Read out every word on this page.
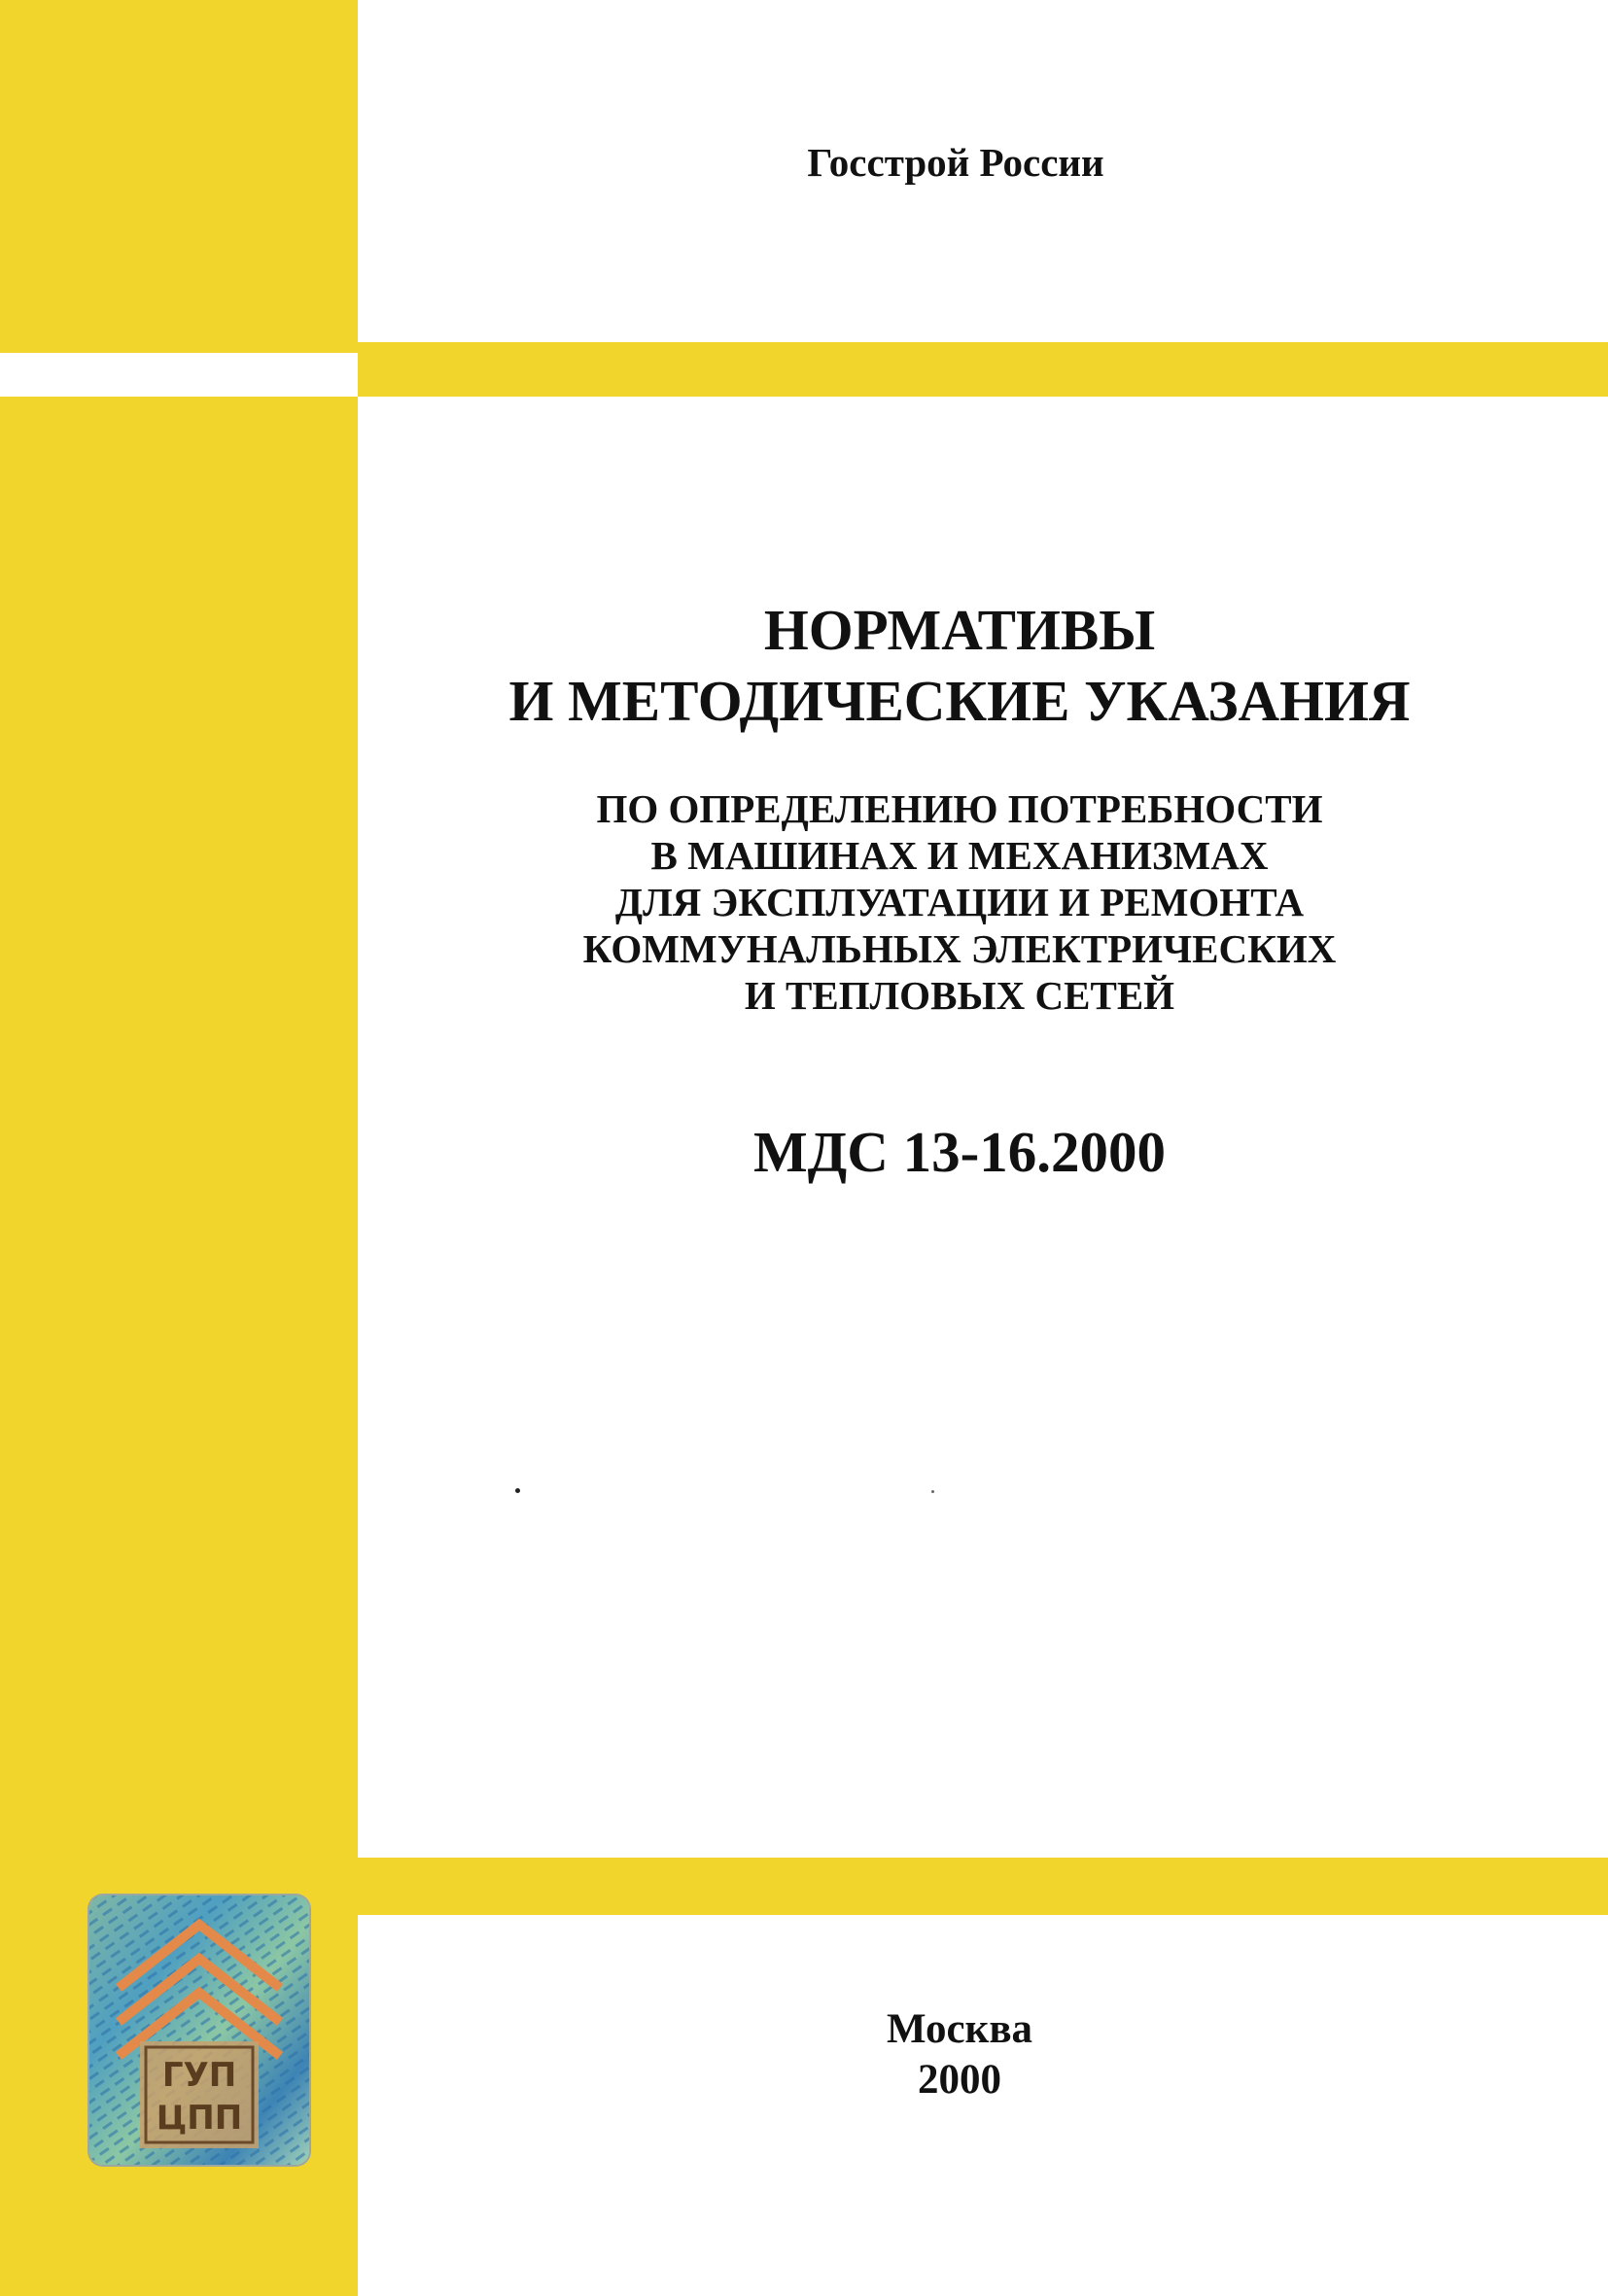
Госстрой России
НОРМАТИВЫ
И МЕТОДИЧЕСКИЕ УКАЗАНИЯ
ПО ОПРЕДЕЛЕНИЮ ПОТРЕБНОСТИ
В МАШИНАХ И МЕХАНИЗМАХ
ДЛЯ ЭКСПЛУАТАЦИИ И РЕМОНТА
КОММУНАЛЬНЫХ ЭЛЕКТРИЧЕСКИХ
И ТЕПЛОВЫХ СЕТЕЙ
МДС 13-16.2000
ГУП
ЦПП
Москва
2000
